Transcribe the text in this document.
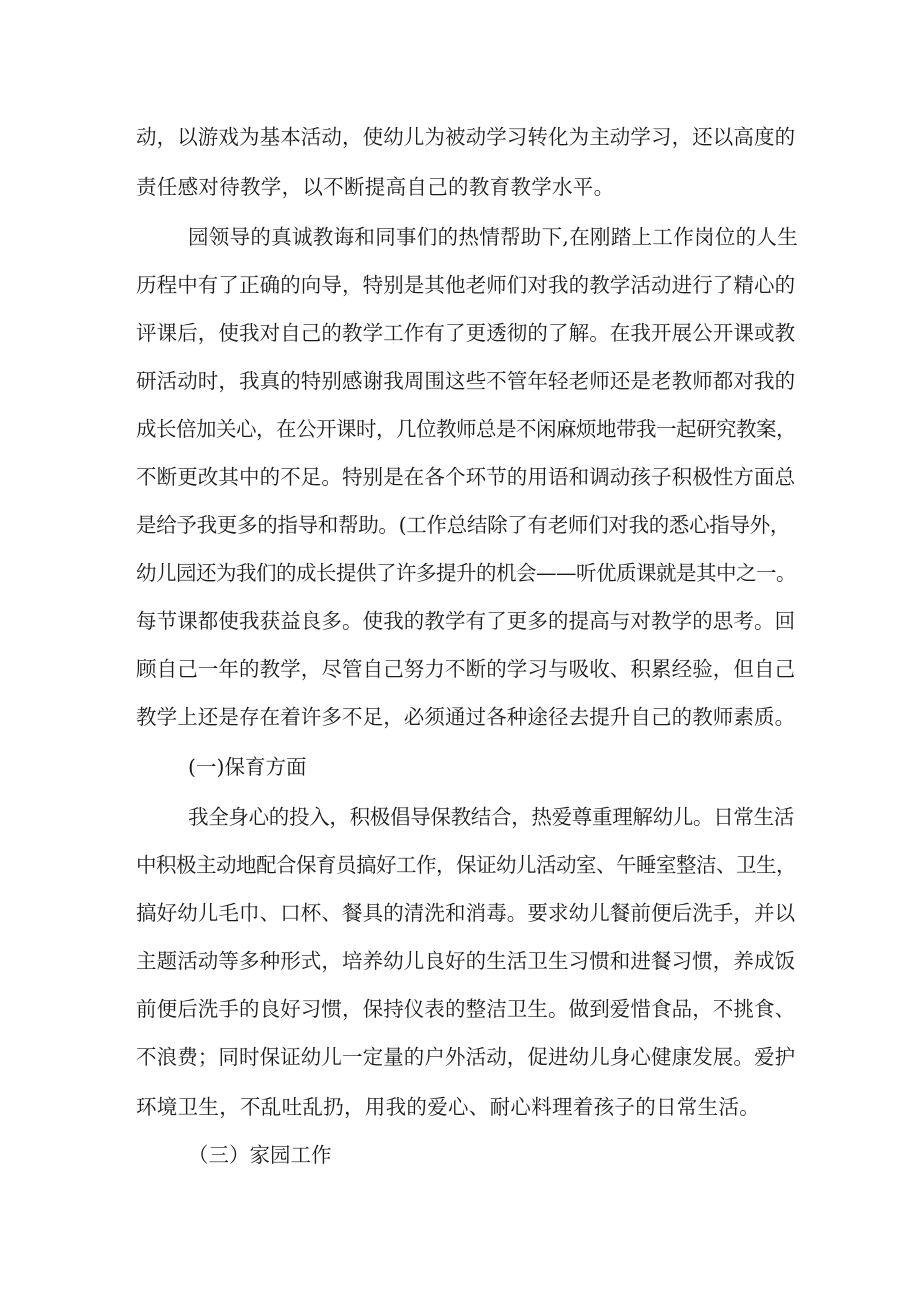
动，以游戏为基本活动，使幼儿为被动学习转化为主动学习，还以高度的
责任感对待教学，以不断提高自己的教育教学水平。
园领导的真诚教诲和同事们的热情帮助下,在刚踏上工作岗位的人生
历程中有了正确的向导，特别是其他老师们对我的教学活动进行了精心的
评课后，使我对自己的教学工作有了更透彻的了解。在我开展公开课或教
研活动时，我真的特别感谢我周围这些不管年轻老师还是老教师都对我的
成长倍加关心，在公开课时，几位教师总是不闲麻烦地带我一起研究教案，
不断更改其中的不足。特别是在各个环节的用语和调动孩子积极性方面总
是给予我更多的指导和帮助。(工作总结除了有老师们对我的悉心指导外，
幼儿园还为我们的成长提供了许多提升的机会——听优质课就是其中之一。
每节课都使我获益良多。使我的教学有了更多的提高与对教学的思考。回
顾自己一年的教学，尽管自己努力不断的学习与吸收、积累经验，但自己
教学上还是存在着许多不足，必须通过各种途径去提升自己的教师素质。
(一)保育方面
我全身心的投入，积极倡导保教结合，热爱尊重理解幼儿。日常生活
中积极主动地配合保育员搞好工作，保证幼儿活动室、午睡室整洁、卫生，
搞好幼儿毛巾、口杯、餐具的清洗和消毒。要求幼儿餐前便后洗手，并以
主题活动等多种形式，培养幼儿良好的生活卫生习惯和进餐习惯，养成饭
前便后洗手的良好习惯，保持仪表的整洁卫生。做到爱惜食品，不挑食、
不浪费；同时保证幼儿一定量的户外活动，促进幼儿身心健康发展。爱护
环境卫生，不乱吐乱扔，用我的爱心、耐心料理着孩子的日常生活。
（三）家园工作
